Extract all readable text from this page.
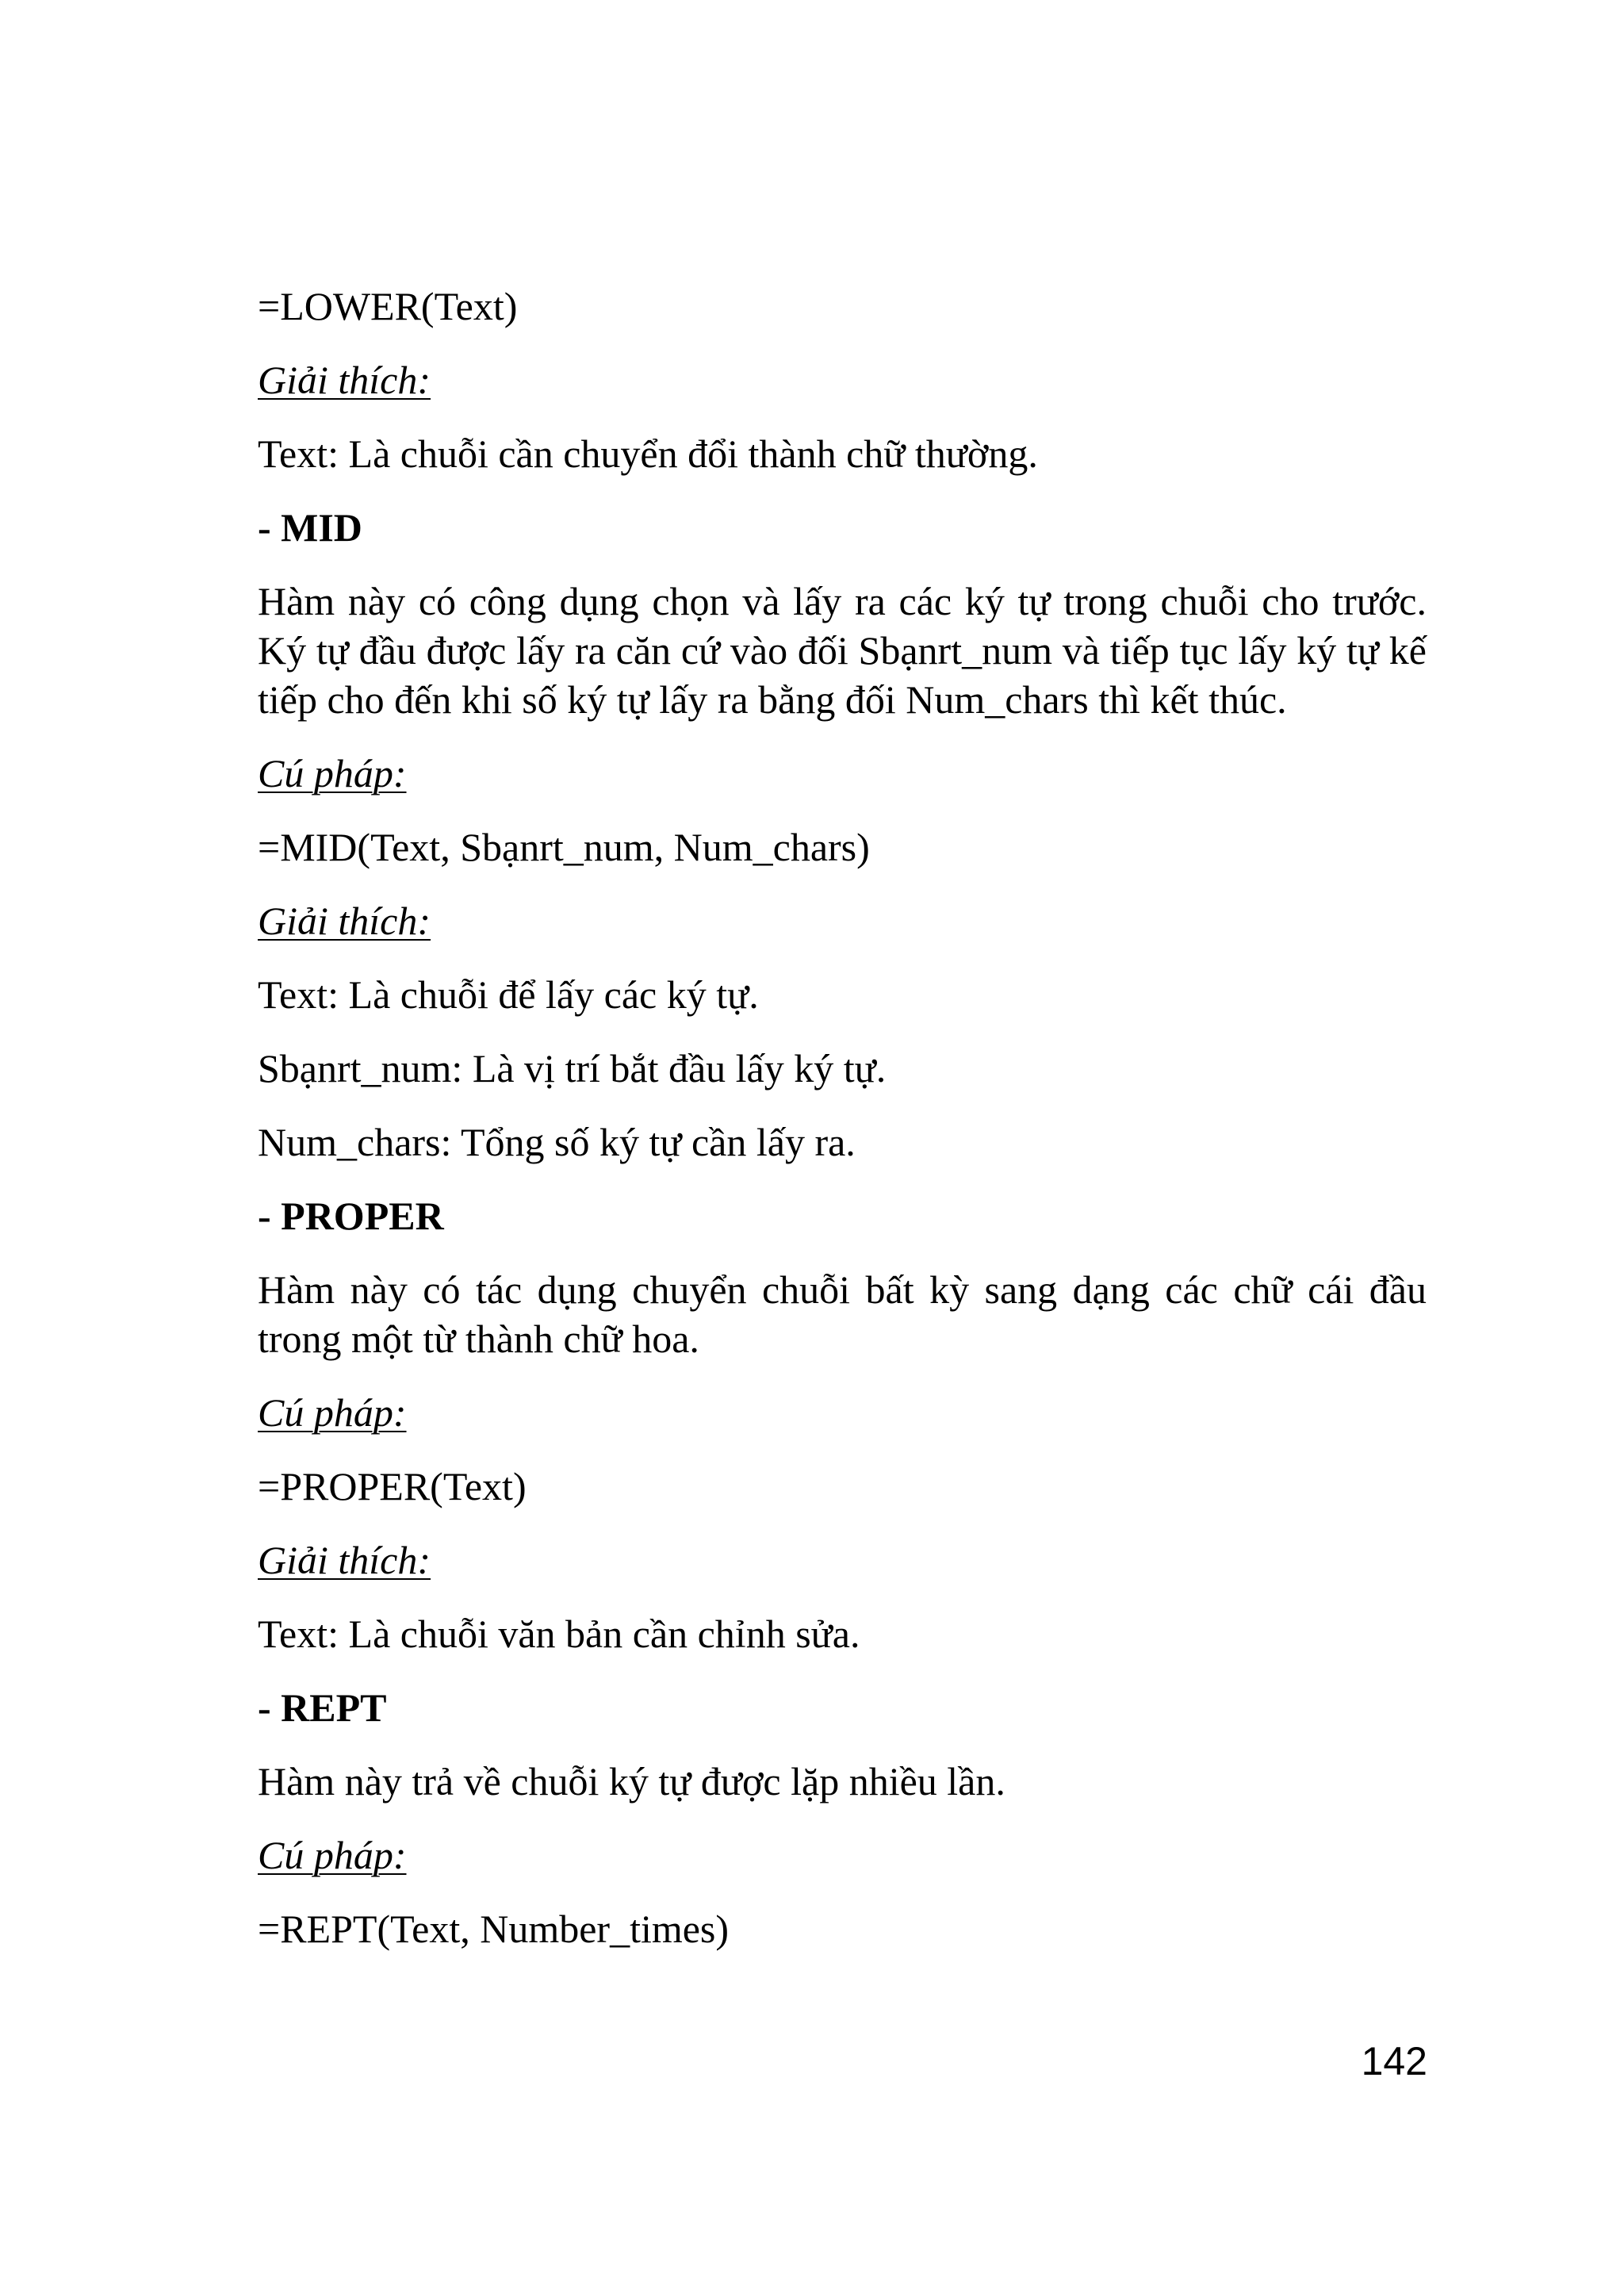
=LOWER(Text)
Giải thích:
Text: Là chuỗi cần chuyển đổi thành chữ thường.
- MID
Hàm này có công dụng chọn và lấy ra các ký tự trong chuỗi cho trước. Ký tự đầu được lấy ra căn cứ vào đối Sbạnrt_num và tiếp tục lấy ký tự kế tiếp cho đến khi số ký tự lấy ra bằng đối Num_chars thì kết thúc.
Cú pháp:
=MID(Text, Sbạnrt_num, Num_chars)
Giải thích:
Text: Là chuỗi để lấy các ký tự.
Sbạnrt_num: Là vị trí bắt đầu lấy ký tự.
Num_chars: Tổng số ký tự cần lấy ra.
- PROPER
Hàm này có tác dụng chuyển chuỗi bất kỳ sang dạng các chữ cái đầu trong một từ thành chữ hoa.
Cú pháp:
=PROPER(Text)
Giải thích:
Text: Là chuỗi văn bản cần chỉnh sửa.
- REPT
Hàm này trả về chuỗi ký tự được lặp nhiều lần.
Cú pháp:
=REPT(Text, Number_times)
142
